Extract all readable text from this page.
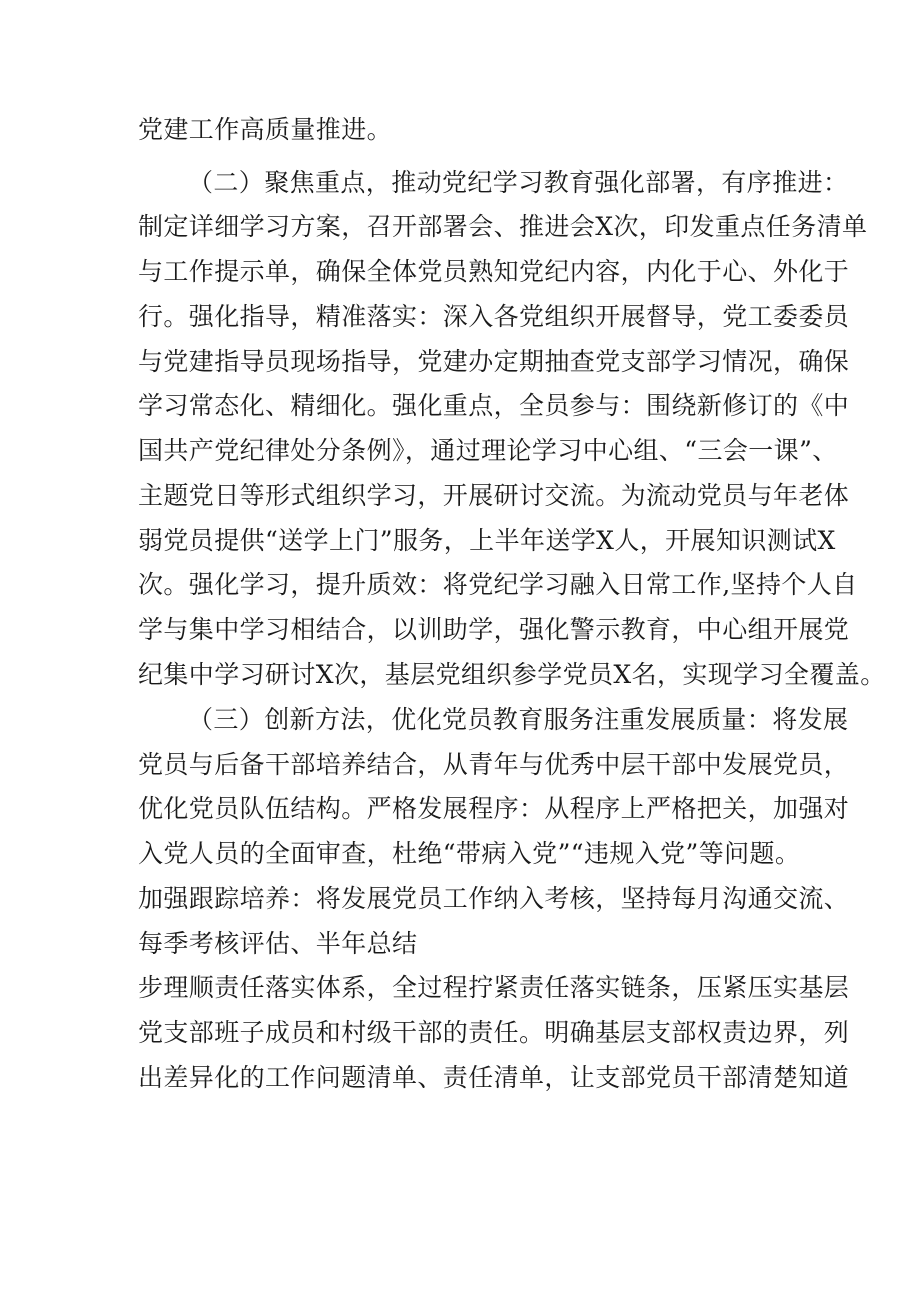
党建工作高质量推进。
（二）聚焦重点，推动党纪学习教育强化部署，有序推进：
制定详细学习方案，召开部署会、推进会X次，印发重点任务清单
与工作提示单，确保全体党员熟知党纪内容，内化于心、外化于
行。强化指导，精准落实：深入各党组织开展督导，党工委委员
与党建指导员现场指导，党建办定期抽查党支部学习情况，确保
学习常态化、精细化。强化重点，全员参与：围绕新修订的《中
国共产党纪律处分条例》，通过理论学习中心组、“三会一课”、
主题党日等形式组织学习，开展研讨交流。为流动党员与年老体
弱党员提供“送学上门”服务，上半年送学X人，开展知识测试X
次。强化学习，提升质效：将党纪学习融入日常工作,坚持个人自
学与集中学习相结合，以训助学，强化警示教育，中心组开展党
纪集中学习研讨X次，基层党组织参学党员X名，实现学习全覆盖。
（三）创新方法，优化党员教育服务注重发展质量：将发展
党员与后备干部培养结合，从青年与优秀中层干部中发展党员，
优化党员队伍结构。严格发展程序：从程序上严格把关，加强对
入党人员的全面审查，杜绝“带病入党”“违规入党”等问题。
加强跟踪培养：将发展党员工作纳入考核，坚持每月沟通交流、
每季考核评估、半年总结
步理顺责任落实体系，全过程拧紧责任落实链条，压紧压实基层
党支部班子成员和村级干部的责任。明确基层支部权责边界，列
出差异化的工作问题清单、责任清单，让支部党员干部清楚知道
